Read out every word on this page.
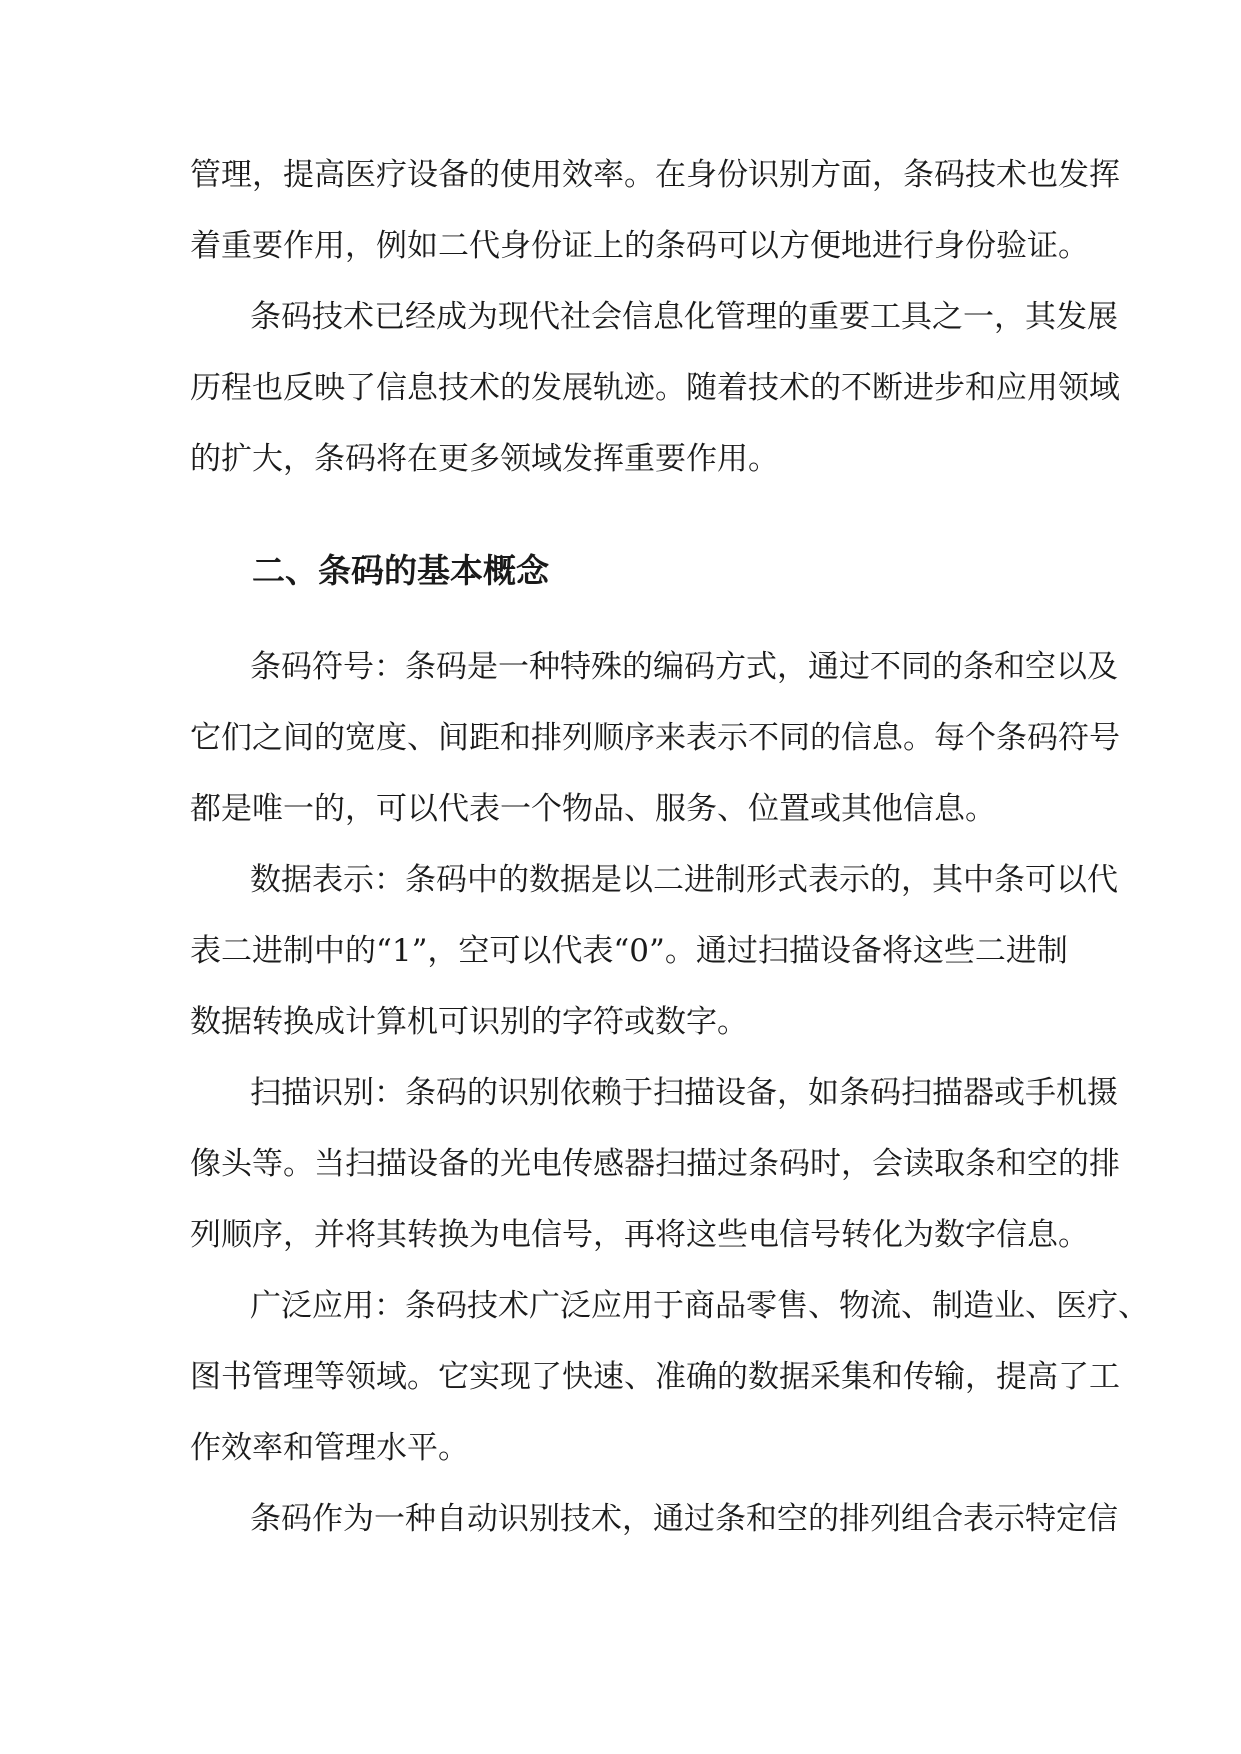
管理，提高医疗设备的使用效率。在身份识别方面，条码技术也发挥
着重要作用，例如二代身份证上的条码可以方便地进行身份验证。

条码技术已经成为现代社会信息化管理的重要工具之一，其发展
历程也反映了信息技术的发展轨迹。随着技术的不断进步和应用领域
的扩大，条码将在更多领域发挥重要作用。

二、条码的基本概念

条码符号：条码是一种特殊的编码方式，通过不同的条和空以及
它们之间的宽度、间距和排列顺序来表示不同的信息。每个条码符号
都是唯一的，可以代表一个物品、服务、位置或其他信息。

数据表示：条码中的数据是以二进制形式表示的，其中条可以代
表二进制中的“1”，空可以代表“0”。通过扫描设备将这些二进制
数据转换成计算机可识别的字符或数字。

扫描识别：条码的识别依赖于扫描设备，如条码扫描器或手机摄
像头等。当扫描设备的光电传感器扫描过条码时，会读取条和空的排
列顺序，并将其转换为电信号，再将这些电信号转化为数字信息。

广泛应用：条码技术广泛应用于商品零售、物流、制造业、医疗、
图书管理等领域。它实现了快速、准确的数据采集和传输，提高了工
作效率和管理水平。

条码作为一种自动识别技术，通过条和空的排列组合表示特定信
